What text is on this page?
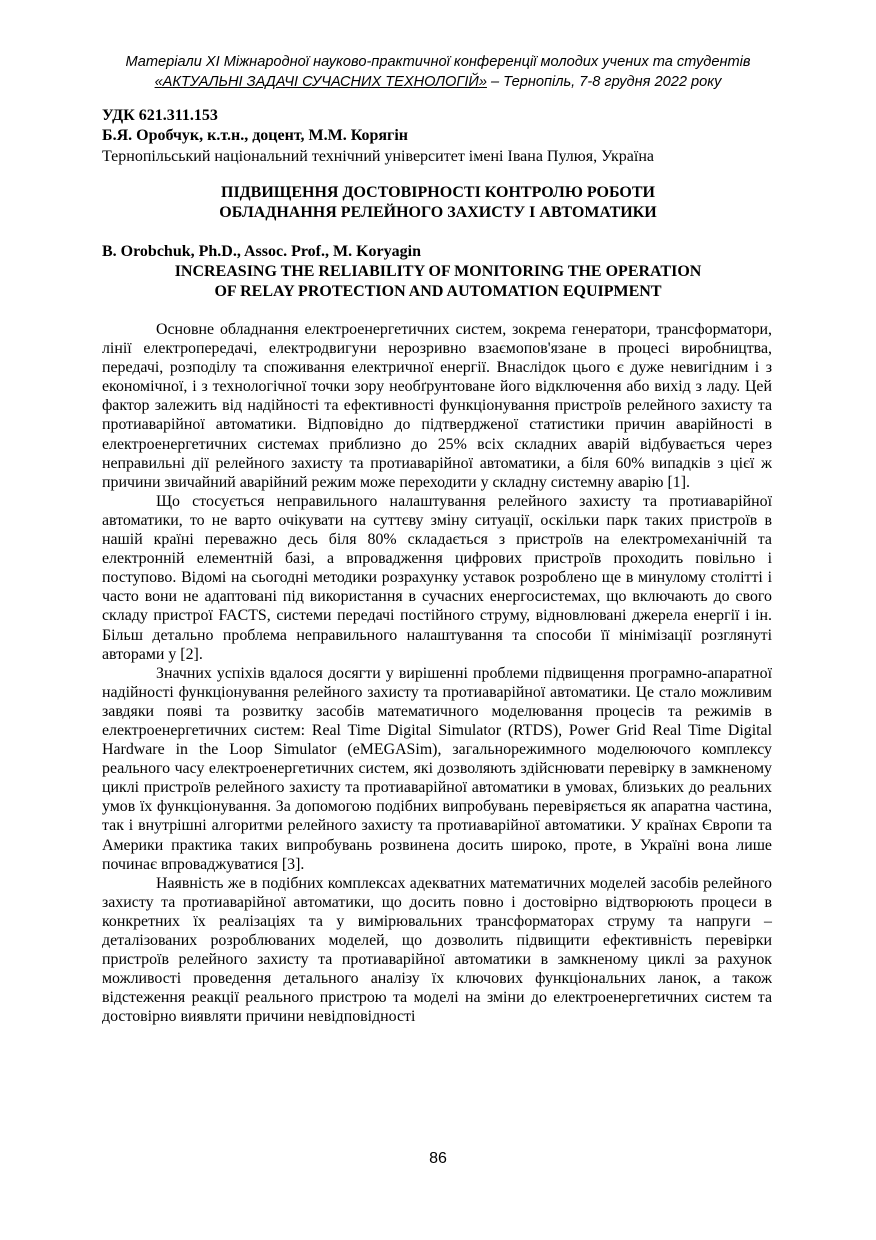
Матеріали XI Міжнародної науково-практичної конференції молодих учених та студентів
«АКТУАЛЬНІ ЗАДАЧІ СУЧАСНИХ ТЕХНОЛОГІЙ» – Тернопіль, 7-8 грудня 2022 року
УДК 621.311.153
Б.Я. Оробчук, к.т.н., доцент, М.М. Корягін
Тернопільський національний технічний університет імені Івана Пулюя, Україна
ПІДВИЩЕННЯ ДОСТОВІРНОСТІ КОНТРОЛЮ РОБОТИ
ОБЛАДНАННЯ РЕЛЕЙНОГО ЗАХИСТУ І АВТОМАТИКИ
B. Orobchuk, Ph.D., Assoc. Prof., M. Koryagin
INCREASING THE RELIABILITY OF MONITORING THE OPERATION
OF RELAY PROTECTION AND AUTOMATION EQUIPMENT

Основне обладнання електроенергетичних систем, зокрема генератори, трансформатори, лінії електропередачі, електродвигуни нерозривно взаємопов'язане в процесі виробництва, передачі, розподілу та споживання електричної енергії. Внаслідок цього є дуже невигідним і з економічної, і з технологічної точки зору необґрунтоване його відключення або вихід з ладу. Цей фактор залежить від надійності та ефективності функціонування пристроїв релейного захисту та протиаварійної автоматики. Відповідно до підтвердженої статистики причин аварійності в електроенергетичних системах приблизно до 25% всіх складних аварій відбувається через неправильні дії релейного захисту та протиаварійної автоматики, а біля 60% випадків з цієї ж причини звичайний аварійний режим може переходити у складну системну аварію [1].

Що стосується неправильного налаштування релейного захисту та протиаварійної автоматики, то не варто очікувати на суттєву зміну ситуації, оскільки парк таких пристроїв в нашій країні переважно десь біля 80% складається з пристроїв на електромеханічній та електронній елементній базі, а впровадження цифрових пристроїв проходить повільно і поступово. Відомі на сьогодні методики розрахунку уставок розроблено ще в минулому столітті і часто вони не адаптовані під використання в сучасних енергосистемах, що включають до свого складу пристрої FACTS, системи передачі постійного струму, відновлювані джерела енергії і ін. Більш детально проблема неправильного налаштування та способи її мінімізації розглянуті авторами у [2].

Значних успіхів вдалося досягти у вирішенні проблеми підвищення програмно-апаратної надійності функціонування релейного захисту та протиаварійної автоматики. Це стало можливим завдяки появі та розвитку засобів математичного моделювання процесів та режимів в електроенергетичних систем: Real Time Digital Simulator (RTDS), Power Grid Real Time Digital Hardware in the Loop Simulator (eMEGASim), загальнорежимного моделюючого комплексу реального часу електроенергетичних систем, які дозволяють здійснювати перевірку в замкненому циклі пристроїв релейного захисту та протиаварійної автоматики в умовах, близьких до реальних умов їх функціонування. За допомогою подібних випробувань перевіряється як апаратна частина, так і внутрішні алгоритми релейного захисту та протиаварійної автоматики. У країнах Європи та Америки практика таких випробувань розвинена досить широко, проте, в Україні вона лише починає впроваджуватися [3].

Наявність же в подібних комплексах адекватних математичних моделей засобів релейного захисту та протиаварійної автоматики, що досить повно і достовірно відтворюють процеси в конкретних їх реалізаціях та у вимірювальних трансформаторах струму та напруги – деталізованих розроблюваних моделей, що дозволить підвищити ефективність перевірки пристроїв релейного захисту та протиаварійної автоматики в замкненому циклі за рахунок можливості проведення детального аналізу їх ключових функціональних ланок, а також відстеження реакції реального пристрою та моделі на зміни до електроенергетичних систем та достовірно виявляти причини невідповідності

86
